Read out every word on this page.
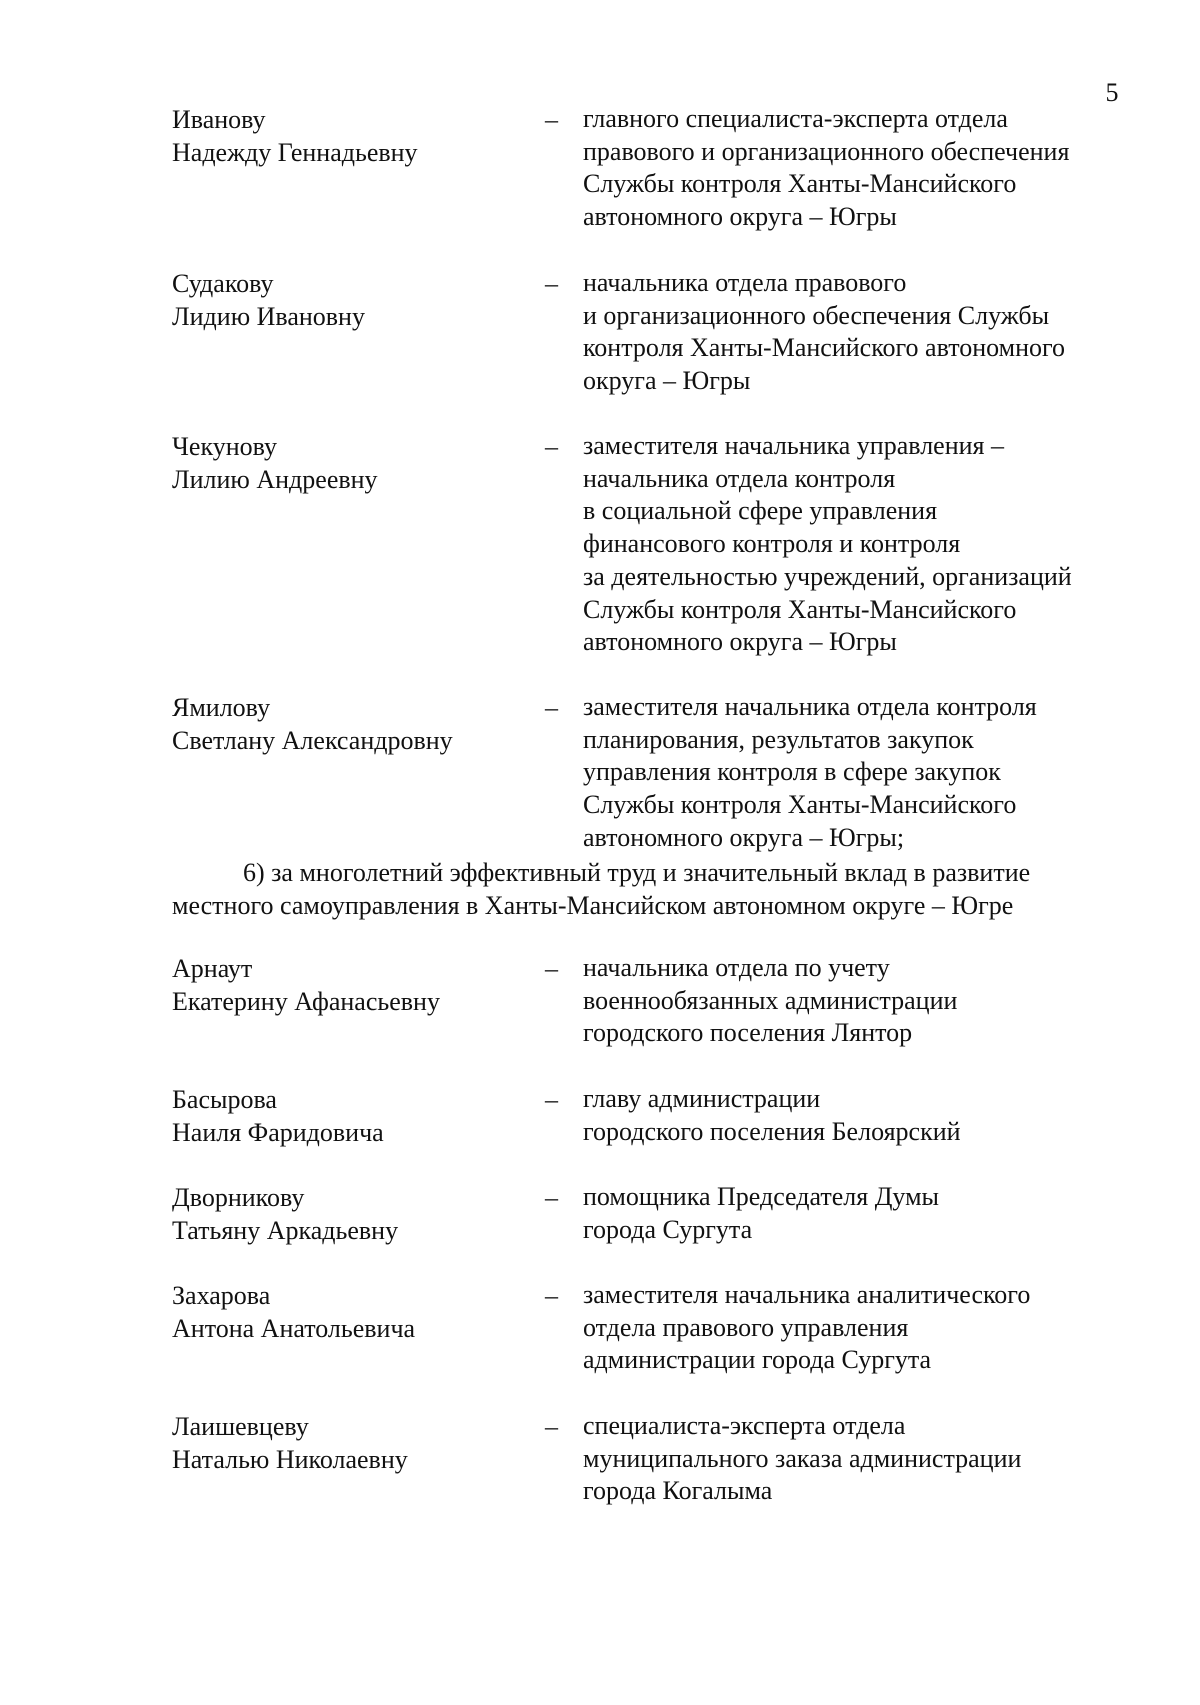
5
Иванову
Надежду Геннадьевну
– главного специалиста-эксперта отдела
правового и организационного обеспечения
Службы контроля Ханты-Мансийского
автономного округа – Югры
Судакову
Лидию Ивановну
– начальника отдела правового
и организационного обеспечения Службы
контроля Ханты-Мансийского автономного
округа – Югры
Чекунову
Лилию Андреевну
– заместителя начальника управления –
начальника отдела контроля
в социальной сфере управления
финансового контроля и контроля
за деятельностью учреждений, организаций
Службы контроля Ханты-Мансийского
автономного округа – Югры
Ямилову
Светлану Александровну
– заместителя начальника отдела контроля
планирования, результатов закупок
управления контроля в сфере закупок
Службы контроля Ханты-Мансийского
автономного округа – Югры;
6) за многолетний эффективный труд и значительный вклад в развитие
местного самоуправления в Ханты-Мансийском автономном округе – Югре
Арнаут
Екатерину Афанасьевну
– начальника отдела по учету
военнообязанных администрации
городского поселения Лянтор
Басырова
Наиля Фаридовича
– главу администрации
городского поселения Белоярский
Дворникову
Татьяну Аркадьевну
– помощника Председателя Думы
города Сургута
Захарова
Антона Анатольевича
– заместителя начальника аналитического
отдела правового управления
администрации города Сургута
Лаишевцеву
Наталью Николаевну
– специалиста-эксперта отдела
муниципального заказа администрации
города Когалыма
